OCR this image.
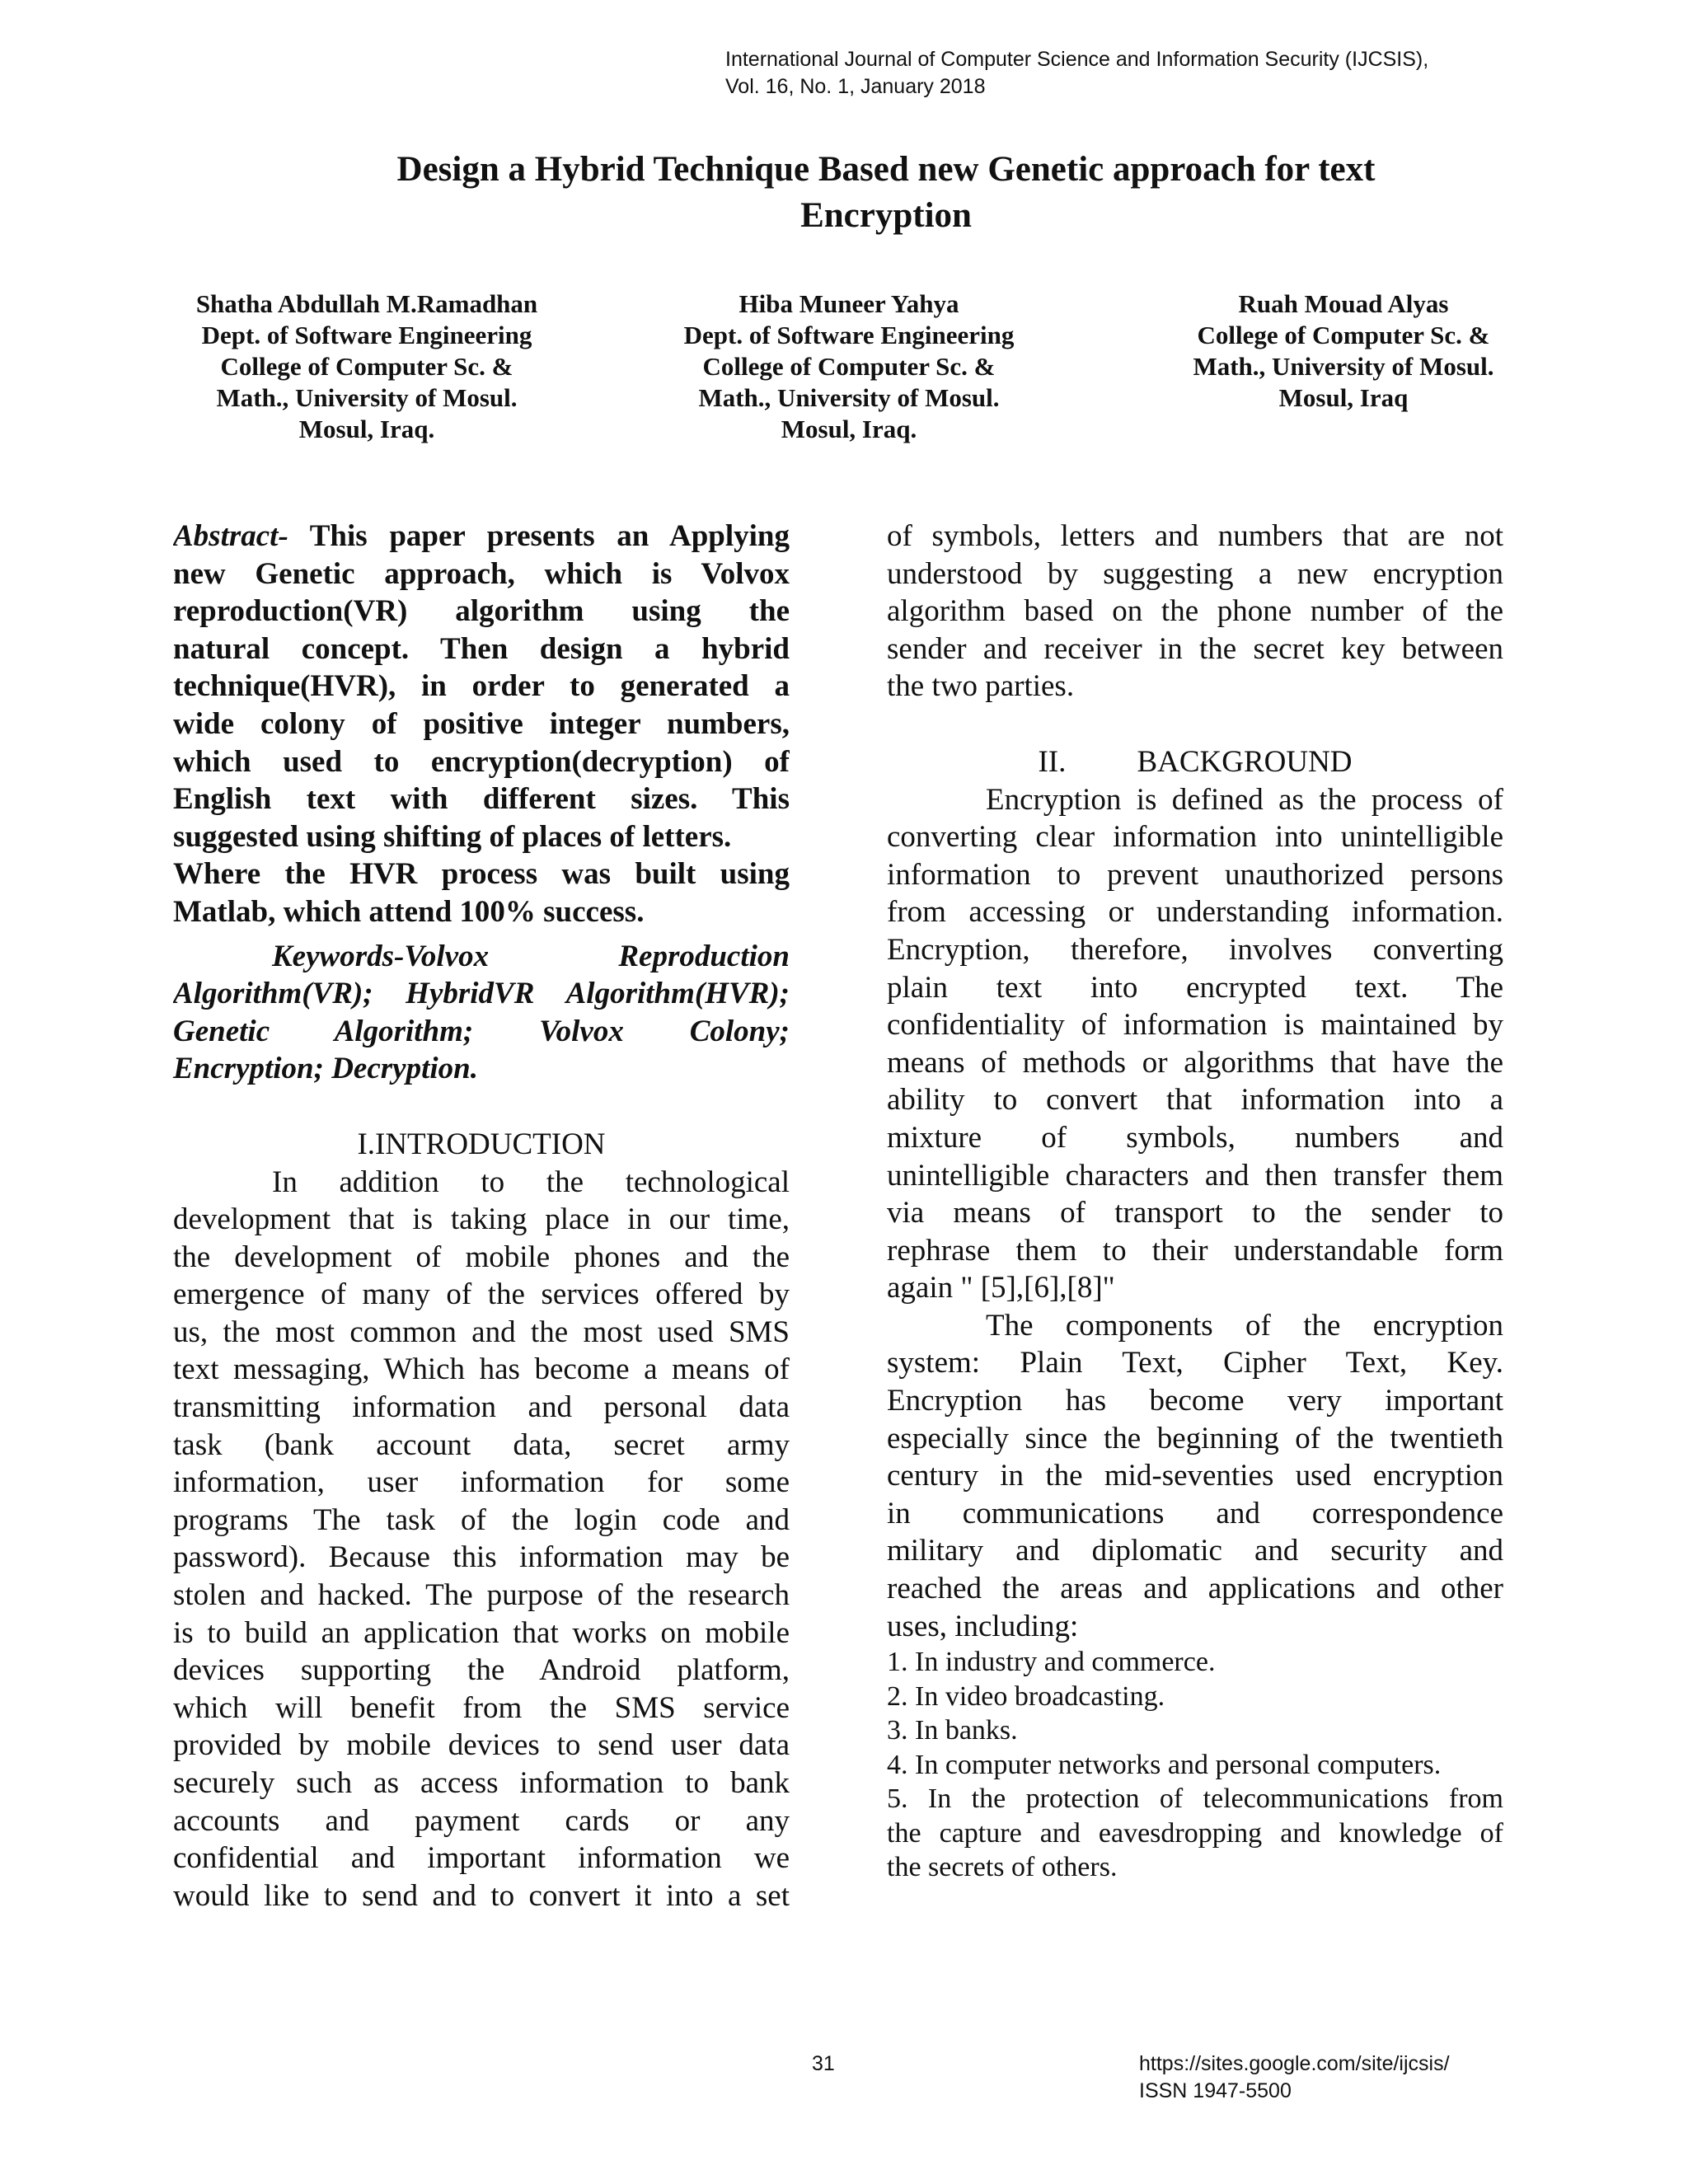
International Journal of Computer Science and Information Security (IJCSIS),
Vol. 16, No. 1, January 2018
Design a Hybrid Technique Based new Genetic approach for text
Encryption
Shatha Abdullah M.Ramadhan
Dept. of Software Engineering
College of Computer Sc. &
Math., University of Mosul.
Mosul, Iraq.
Hiba Muneer Yahya
Dept. of Software Engineering
College of Computer Sc. &
Math., University of Mosul.
Mosul, Iraq.
Ruah Mouad Alyas
College of Computer Sc. &
Math., University of Mosul.
Mosul, Iraq
Abstract- This paper presents an Applying
new Genetic approach, which is Volvox
reproduction(VR) algorithm using the
natural concept. Then design a hybrid
technique(HVR), in order to generated a
wide colony of positive integer numbers,
which used to encryption(decryption) of
English text with different sizes. This
suggested using shifting of places of letters.
Where the HVR process was built using
Matlab, which attend 100% success.
Keywords-Volvox Reproduction
Algorithm(VR); HybridVR Algorithm(HVR);
Genetic Algorithm; Volvox Colony;
Encryption; Decryption.
I.INTRODUCTION
In addition to the technological
development that is taking place in our time,
the development of mobile phones and the
emergence of many of the services offered by
us, the most common and the most used SMS
text messaging, Which has become a means of
transmitting information and personal data
task (bank account data, secret army
information, user information for some
programs The task of the login code and
password). Because this information may be
stolen and hacked. The purpose of the research
is to build an application that works on mobile
devices supporting the Android platform,
which will benefit from the SMS service
provided by mobile devices to send user data
securely such as access information to bank
accounts and payment cards or any
confidential and important information we
would like to send and to convert it into a set
of symbols, letters and numbers that are not
understood by suggesting a new encryption
algorithm based on the phone number of the
sender and receiver in the secret key between
the two parties.
II. BACKGROUND
Encryption is defined as the process of
converting clear information into unintelligible
information to prevent unauthorized persons
from accessing or understanding information.
Encryption, therefore, involves converting
plain text into encrypted text. The
confidentiality of information is maintained by
means of methods or algorithms that have the
ability to convert that information into a
mixture of symbols, numbers and
unintelligible characters and then transfer them
via means of transport to the sender to
rephrase them to their understandable form
again " [5],[6],[8]"
The components of the encryption
system: Plain Text, Cipher Text, Key.
Encryption has become very important
especially since the beginning of the twentieth
century in the mid-seventies used encryption
in communications and correspondence
military and diplomatic and security and
reached the areas and applications and other
uses, including:
1. In industry and commerce.
2. In video broadcasting.
3. In banks.
4. In computer networks and personal computers.
5. In the protection of telecommunications from
the capture and eavesdropping and knowledge of
the secrets of others.
31	https://sites.google.com/site/ijcsis/
ISSN 1947-5500
